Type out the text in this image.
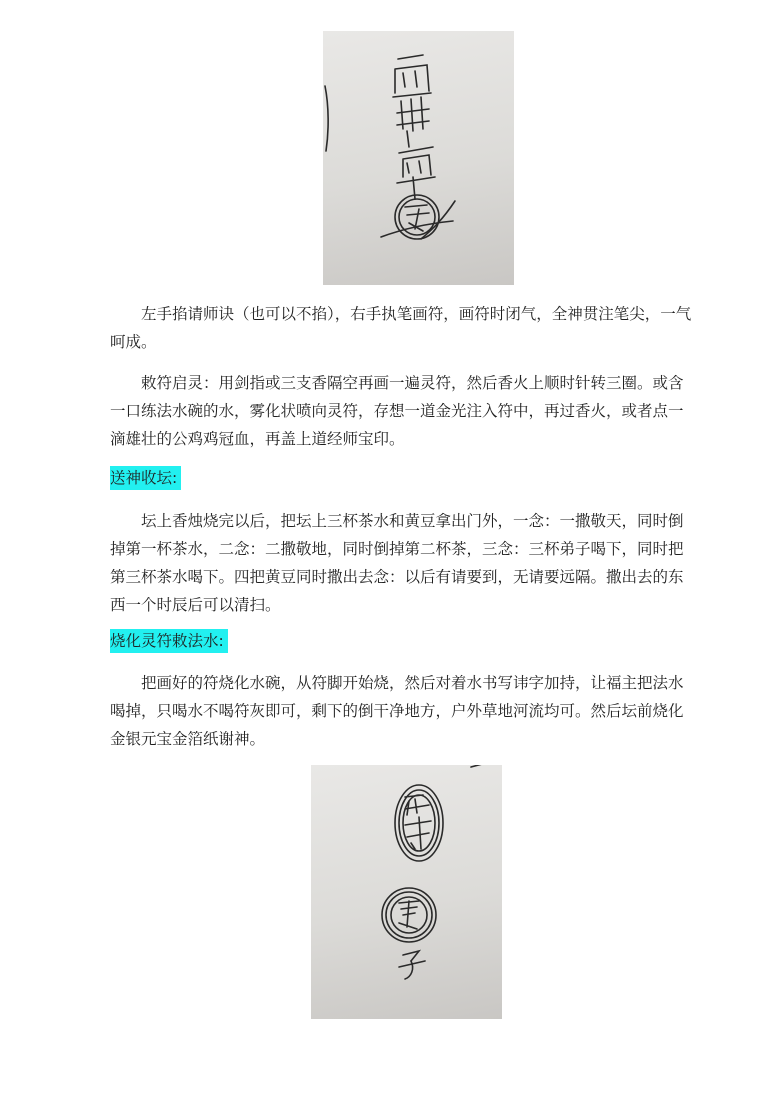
左手掐请师诀（也可以不掐），右手执笔画符，画符时闭气，全神贯注笔尖，一气呵成。

敕符启灵：用剑指或三支香隔空再画一遍灵符，然后香火上顺时针转三圈。或含一口练法水碗的水，雾化状喷向灵符，存想一道金光注入符中，再过香火，或者点一滴雄壮的公鸡鸡冠血，再盖上道经师宝印。

送神收坛:

坛上香烛烧完以后，把坛上三杯茶水和黄豆拿出门外，一念：一撒敬天，同时倒掉第一杯茶水，二念：二撒敬地，同时倒掉第二杯茶，三念：三杯弟子喝下，同时把第三杯茶水喝下。四把黄豆同时撒出去念：以后有请要到，无请要远隔。撒出去的东西一个时辰后可以清扫。

烧化灵符敕法水:

把画好的符烧化水碗，从符脚开始烧，然后对着水书写讳字加持，让福主把法水喝掉，只喝水不喝符灰即可，剩下的倒干净地方，户外草地河流均可。然后坛前烧化金银元宝金箔纸谢神。
